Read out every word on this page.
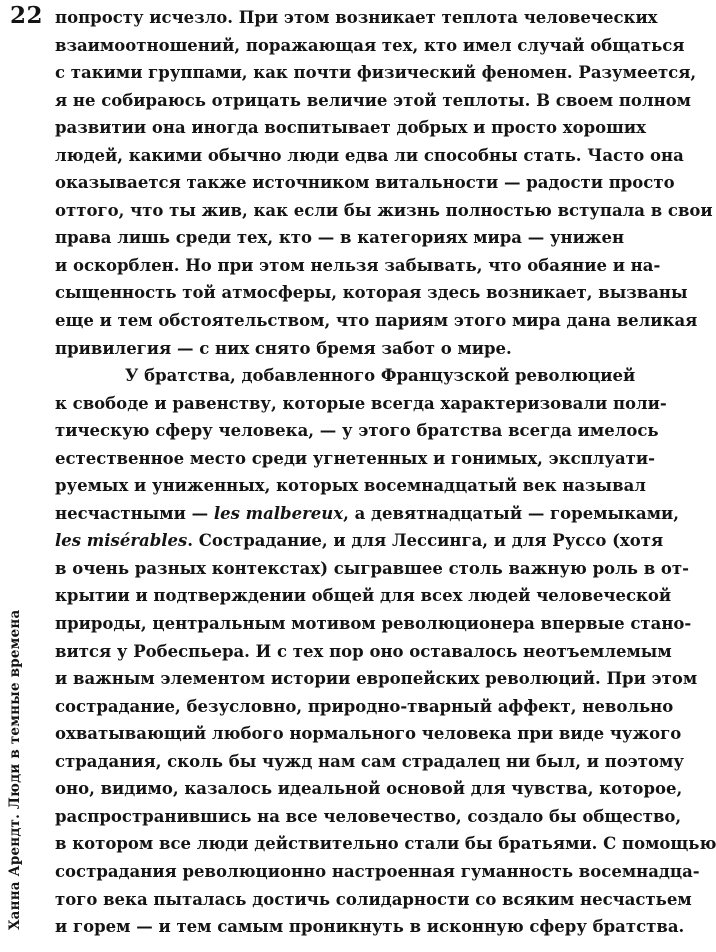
22
Ханна Арендт. Люди в темные времена
попросту исчезло. При этом возникает теплота человеческих
взаимоотношений, поражающая тех, кто имел случай общаться
с такими группами, как почти физический феномен. Разумеется,
я не собираюсь отрицать величие этой теплоты. В своем полном
развитии она иногда воспитывает добрых и просто хороших
людей, какими обычно люди едва ли способны стать. Часто она
оказывается также источником витальности — радости просто
оттого, что ты жив, как если бы жизнь полностью вступала в свои
права лишь среди тех, кто — в категориях мира — унижен
и оскорблен. Но при этом нельзя забывать, что обаяние и на-
сыщенность той атмосферы, которая здесь возникает, вызваны
еще и тем обстоятельством, что париям этого мира дана великая
привилегия — с них снято бремя забот о мире.
У братства, добавленного Французской революцией
к свободе и равенству, которые всегда характеризовали поли-
тическую сферу человека, — у этого братства всегда имелось
естественное место среди угнетенных и гонимых, эксплуати-
руемых и униженных, которых восемнадцатый век называл
несчастными — les malbereux, а девятнадцатый — горемыками,
les misérables. Сострадание, и для Лессинга, и для Руссо (хотя
в очень разных контекстах) сыгравшее столь важную роль в от-
крытии и подтверждении общей для всех людей человеческой
природы, центральным мотивом революционера впервые стано-
вится у Робеспьера. И с тех пор оно оставалось неотъемлемым
и важным элементом истории европейских революций. При этом
сострадание, безусловно, природно-тварный аффект, невольно
охватывающий любого нормального человека при виде чужого
страдания, сколь бы чужд нам сам страдалец ни был, и поэтому
оно, видимо, казалось идеальной основой для чувства, которое,
распространившись на все человечество, создало бы общество,
в котором все люди действительно стали бы братьями. С помощью
сострадания революционно настроенная гуманность восемнадца-
того века пыталась достичь солидарности со всяким несчастьем
и горем — и тем самым проникнуть в исконную сферу братства.
